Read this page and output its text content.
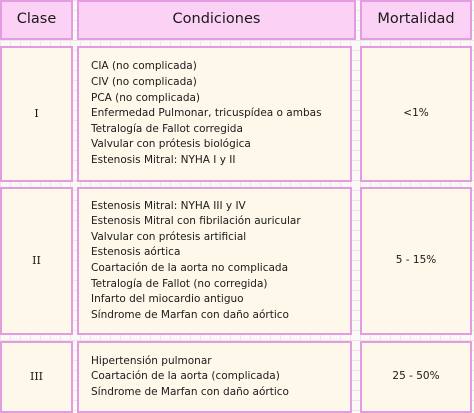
Clase	Condiciones	Mortalidad
I
CIA (no complicada)
CIV (no complicada)
PCA (no complicada)
Enfermedad Pulmonar, tricuspídea o ambas
Tetralogía de Fallot corregida
Valvular con prótesis biológica
Estenosis Mitral: NYHA I y II
<1%
II
Estenosis Mitral: NYHA III y IV
Estenosis Mitral con fibrilación auricular
Valvular con prótesis artificial
Estenosis aórtica
Coartación de la aorta no complicada
Tetralogía de Fallot (no corregida)
Infarto del miocardio antiguo
Síndrome de Marfan con daño aórtico
5 - 15%
III
Hipertensión pulmonar
Coartación de la aorta (complicada)
Síndrome de Marfan con daño aórtico
25 - 50%
